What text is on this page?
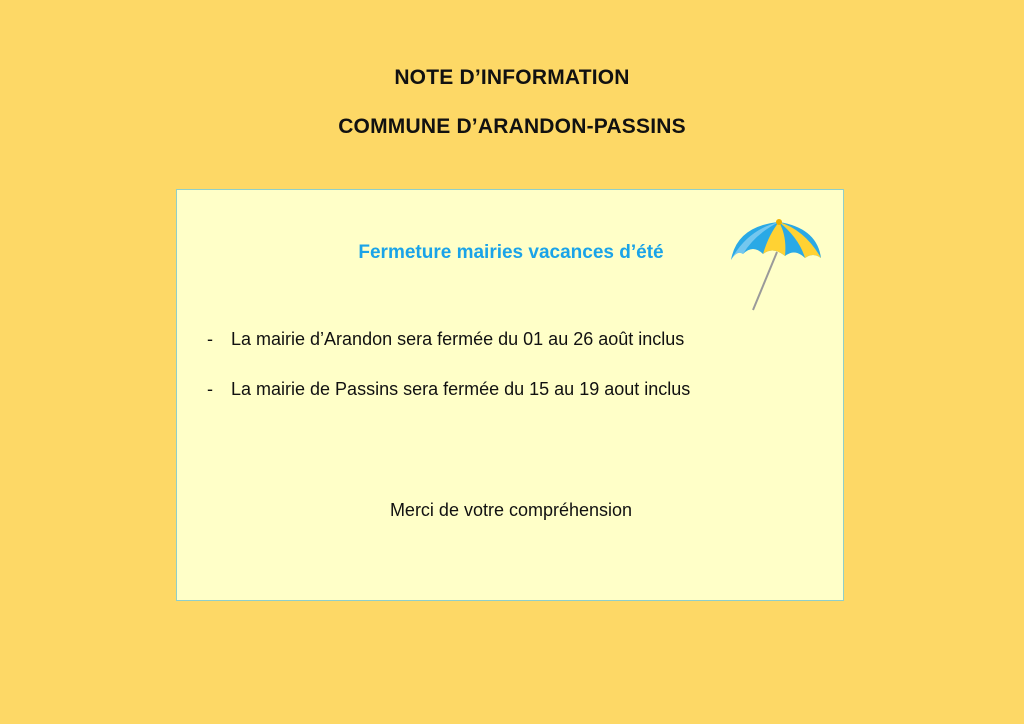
NOTE D’INFORMATION
COMMUNE D’ARANDON-PASSINS
Fermeture mairies vacances d’été
- La mairie d’Arandon sera fermée du 01 au 26 août inclus
- La mairie de Passins sera fermée du 15 au 19 aout inclus
Merci de votre compréhension
